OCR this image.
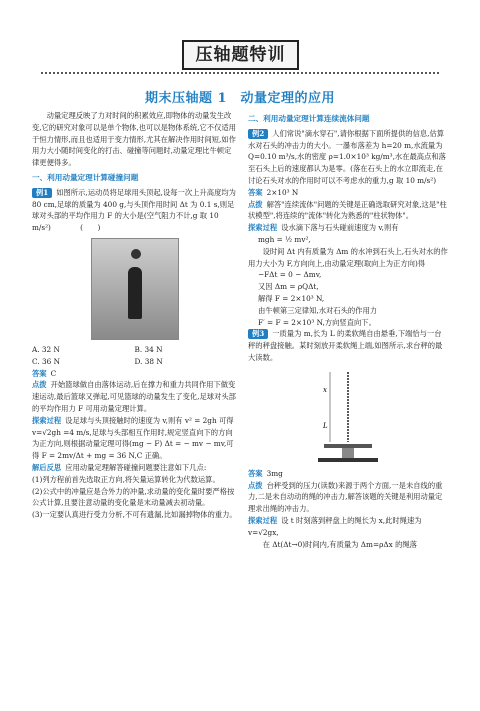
压轴题特训
期末压轴题 1　动量定理的应用

动量定理反映了力对时间的积累效应,即物体的动量发生改变,它的研究对象可以是单个物体,也可以是物体系统,它不仅适用于恒力情形,而且也适用于变力情形,尤其在解决作用时间短,如作用力大小随时间变化的打击、碰撞等问题时,动量定理比牛顿定律更便得多。

一、利用动量定理计算碰撞问题

例1 如图所示,运动员将足球用头顶起,设每一次上升高度均为 80 cm,足球的质量为 400 g,与头顶作用时间 Δt 为 0.1 s,则足球对头部的平均作用力 F 的大小是(空气阻力不计,g 取 10 m/s²)　　　　(　　)

A. 32 N	B. 34 N
C. 36 N	D. 38 N

答案 C

点拨 开始篮球做自由落体运动,后在撑力和重力共同作用下做变速运动,最后篮球又弹起,可见篮球的动量发生了变化,足球对头部的平均作用力 F 可用动量定理计算。

探索过程 设足球与头顶接触时的速度为 v,则有 v² = 2gh 可得 v=√2gh =4 m/s,足球与头部相互作用时,规定竖直向下的方向为正方向,则根据动量定理可得(mg − F) Δt = − mv − mv,可得 F = 2mv/Δt + mg = 36 N,C 正确。

解后反思 应用动量定理解答碰撞问题要注意如下几点:

(1)列方程前首先选取正方向,将矢量运算转化为代数运算。

(2)公式中的冲量应是合外力的冲量,求动量的变化量时要严格按公式计算,且要注意动量的变化量是末动量减去初动量。

(3)一定要认真进行受力分析,不可有遗漏,比如漏掉物体的重力。

二、利用动量定理计算连续流体问题

例2 人们常说"滴水穿石",请你根据下面所提供的信息,估算水对石头的冲击力的大小。一瀑布落差为 h=20 m,水流量为 Q=0.10 m³/s,水的密度 ρ=1.0×10³ kg/m³,水在最高点和落至石头上后的速度都认为是零。(落在石头上的水立即流走,在讨论石头对水的作用时可以不考虑水的重力,g 取 10 m/s²)

答案 2×10³ N

点拨 解答"连续流体"问题的关键是正确选取研究对象,这是"柱状模型",将连续的"流体"转化为熟悉的"柱状物体"。

探索过程 设水滴下落与石头碰前速度为 v,则有

mgh = ½ mv²,

设时间 Δt 内有质量为 Δm 的水冲到石头上,石头对水的作用力大小为 F,方向向上,由动量定理(取向上为正方向)得

−FΔt = 0 − Δmv,

又因 Δm = ρQΔt,

解得 F = 2×10³ N,

由牛顿第三定律知,水对石头的作用力

F′ = F = 2×10³ N,方向竖直向下。

例3 一质量为 m,长为 L 的柔软绳自由悬垂,下端恰与一台秤的秤盘接触。某时刻放开柔软绳上端,如图所示,求台秤的最大读数。

x
L

答案 3mg

点拨 台秤受到的压力(读数)来源于两个方面,一是未自线的重力,二是未自动动的绳的冲击力,解答该题的关键是利用动量定理求出绳的冲击力。

探索过程 设 t 时刻落到秤盘上的绳长为 x,此时绳速为 v=√2gx,

在 Δt(Δt→0)时间内,有质量为 Δm=ρΔx 的绳落
